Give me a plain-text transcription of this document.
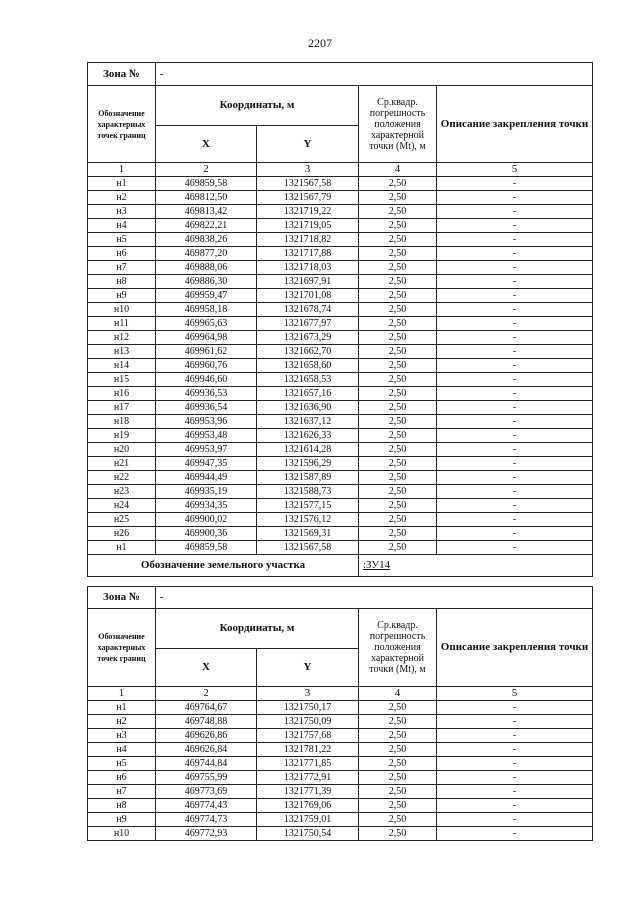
2207
Зона №	-			
Обозначение характерных точек границ	Координаты, м		Ср.квадр. погрешность положения характерной точки (Mt), м	Описание закрепления точки
	X	Y		
1	2	3	4	5
н1	469859,58	1321567,58	2,50	-
н2	469812,50	1321567,79	2,50	-
н3	469813,42	1321719,22	2,50	-
н4	469822,21	1321719,05	2,50	-
н5	469838,26	1321718,82	2,50	-
н6	469877,20	1321717,88	2,50	-
н7	469888,06	1321718,03	2,50	-
н8	469886,30	1321697,91	2,50	-
н9	469959,47	1321701,08	2,50	-
н10	469958,18	1321678,74	2,50	-
н11	469965,63	1321677,97	2,50	-
н12	469964,98	1321673,29	2,50	-
н13	469961,62	1321662,70	2,50	-
н14	469960,76	1321658,60	2,50	-
н15	469946,60	1321658,53	2,50	-
н16	469936,53	1321657,16	2,50	-
н17	469936,54	1321636,90	2,50	-
н18	469953,96	1321637,12	2,50	-
н19	469953,48	1321626,33	2,50	-
н20	469953,97	1321614,28	2,50	-
н21	469947,35	1321596,29	2,50	-
н22	469944,49	1321587,89	2,50	-
н23	469935,19	1321588,73	2,50	-
н24	469934,35	1321577,15	2,50	-
н25	469900,02	1321576,12	2,50	-
н26	469900,36	1321569,31	2,50	-
н1	469859,58	1321567,58	2,50	-
Обозначение земельного участка			:ЗУ14	
Зона №	-			
Обозначение характерных точек границ	Координаты, м		Ср.квадр. погрешность положения характерной точки (Mt), м	Описание закрепления точки
	X	Y		
1	2	3	4	5
н1	469764,67	1321750,17	2,50	-
н2	469748,88	1321750,09	2,50	-
н3	469626,86	1321757,68	2,50	-
н4	469626,84	1321781,22	2,50	-
н5	469744,84	1321771,85	2,50	-
н6	469755,99	1321772,91	2,50	-
н7	469773,69	1321771,39	2,50	-
н8	469774,43	1321769,06	2,50	-
н9	469774,73	1321759,01	2,50	-
н10	469772,93	1321750,54	2,50	-
